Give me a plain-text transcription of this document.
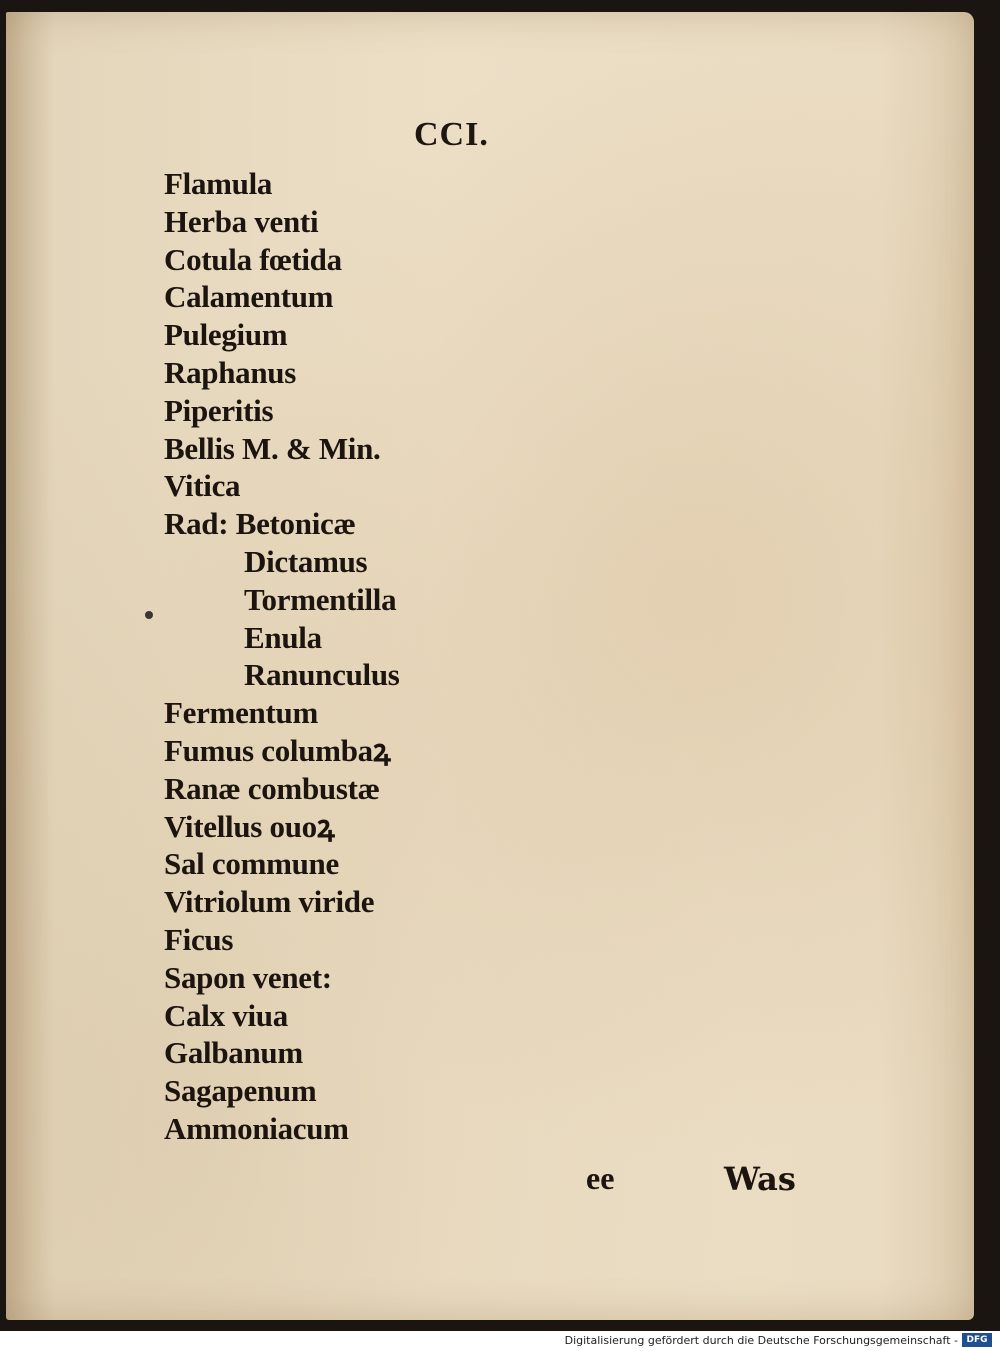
CCI.
Flamula
Herba venti
Cotula fœtida
Calamentum
Pulegium
Raphanus
Piperitis
Bellis M. & Min.
Vitica
Rad: Betonicæ
Dictamus
Tormentilla
Enula
Ranunculus
Fermentum
Fumus columbaꝝ
Ranæ combustæ
Vitellus ouoꝝ
Sal commune
Vitriolum viride
Ficus
Sapon venet:
Calx viua
Galbanum
Sagapenum
Ammoniacum
ee	Was
Digitalisierung gefördert durch die Deutsche Forschungsgemeinschaft - DFG
